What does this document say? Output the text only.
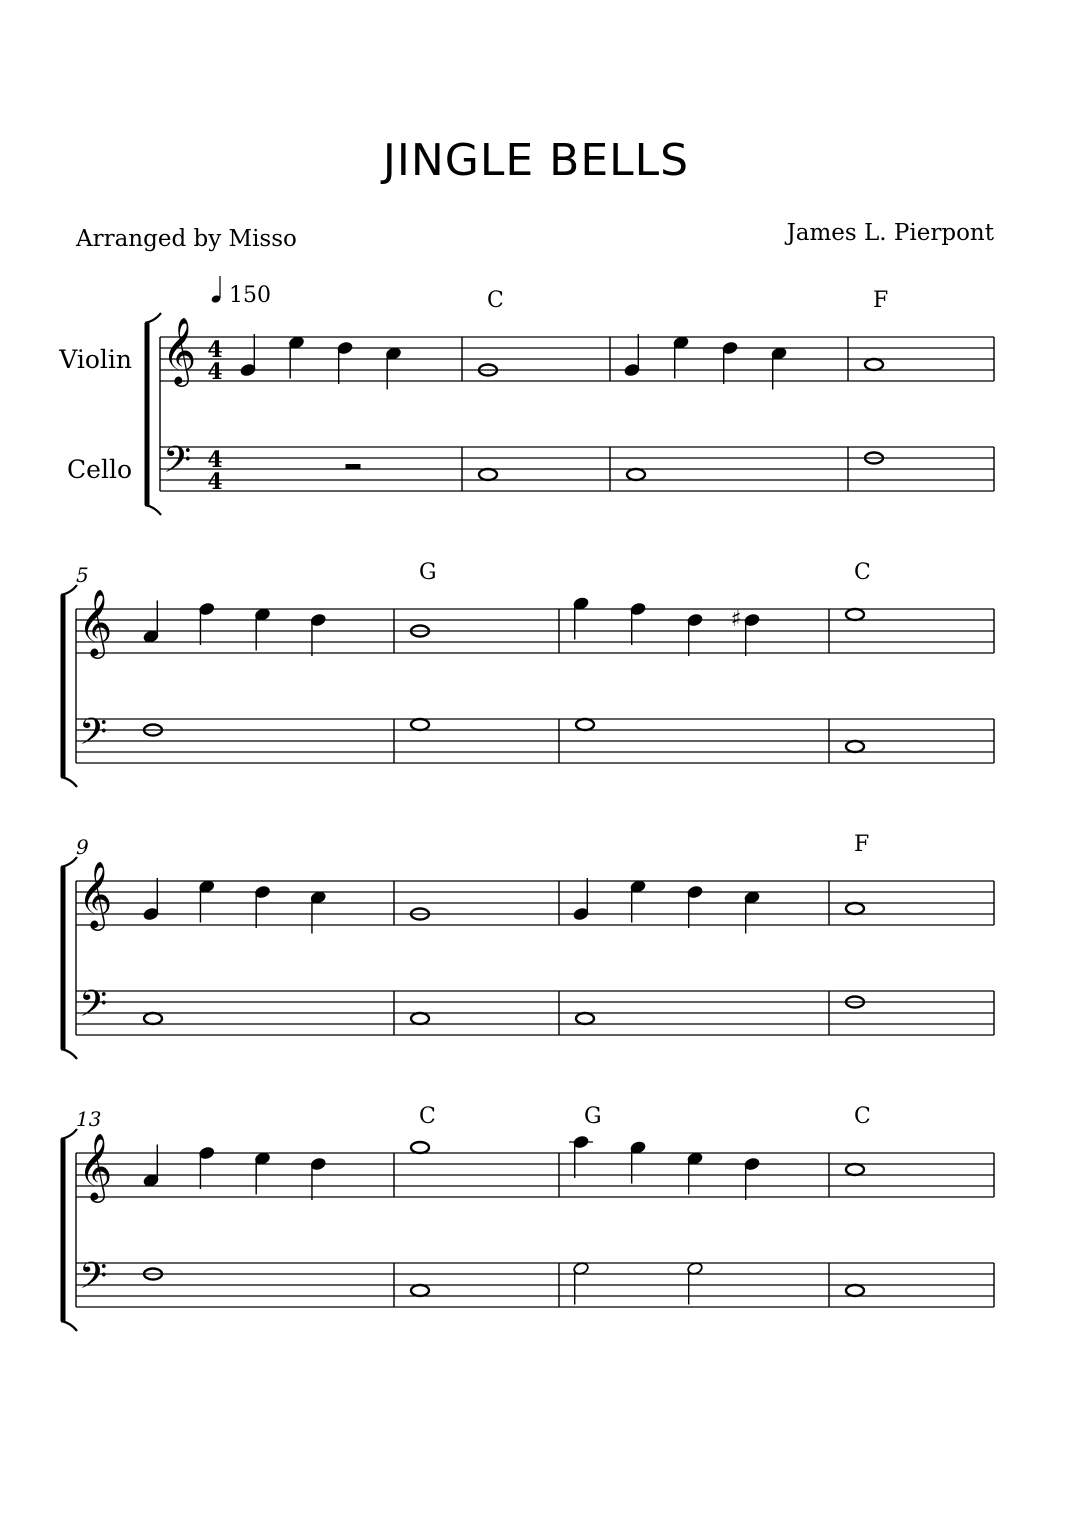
JINGLE BELLS
Arranged by Misso	James L. Pierpont
𝄞
𝄢
4
4
4
4
Violin
Cello
150	C	F
𝄞
𝄢
5	G
♯
C
𝄞
𝄢
9	F
𝄞
𝄢
13	C	G	C
